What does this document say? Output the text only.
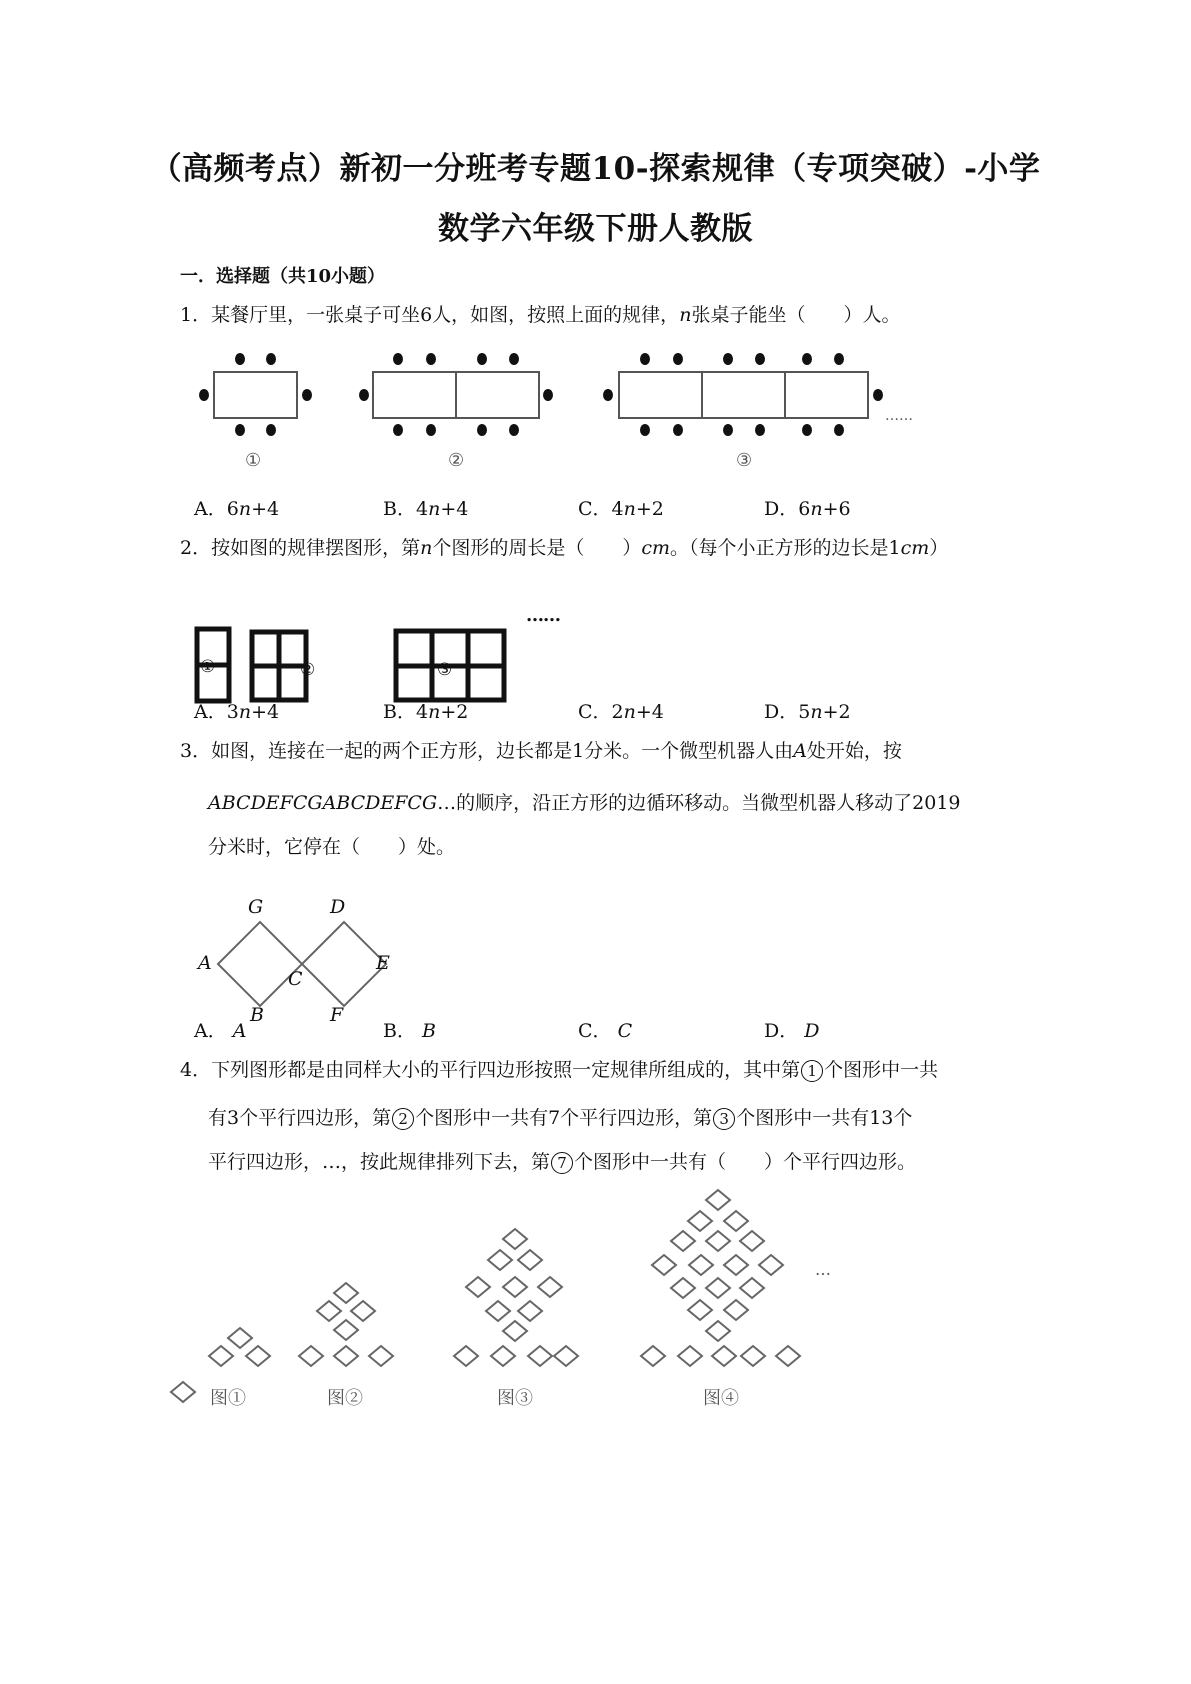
（高频考点）新初一分班考专题10-探索规律（专项突破）-小学
数学六年级下册人教版
一．选择题（共10小题）
1．某餐厅里，一张桌子可坐6人，如图，按照上面的规律，n张桌子能坐（　　）人。
①	②	③
……
A．6n+4	B．4n+4	C．4n+2	D．6n+6
2．按如图的规律摆图形，第n个图形的周长是（　　）cm。（每个小正方形的边长是1cm）
……
①	②	③
A．3n+4	B．4n+2	C．2n+4	D．5n+2
3．如图，连接在一起的两个正方形，边长都是1分米。一个微型机器人由A处开始，按
ABCDEFCGABCDEFCG…的顺序，沿正方形的边循环移动。当微型机器人移动了2019
分米时，它停在（　　）处。
G	D
A
C
E
B	F
A． A	B． B	C． C	D． D
4．下列图形都是由同样大小的平行四边形按照一定规律所组成的，其中第 1 个图形中一共
有3个平行四边形，第 2 个图形中一共有7个平行四边形，第 3 个图形中一共有13个
平行四边形，…，按此规律排列下去，第 7 个图形中一共有（　　）个平行四边形。
…
图①	图②	图③	图④
